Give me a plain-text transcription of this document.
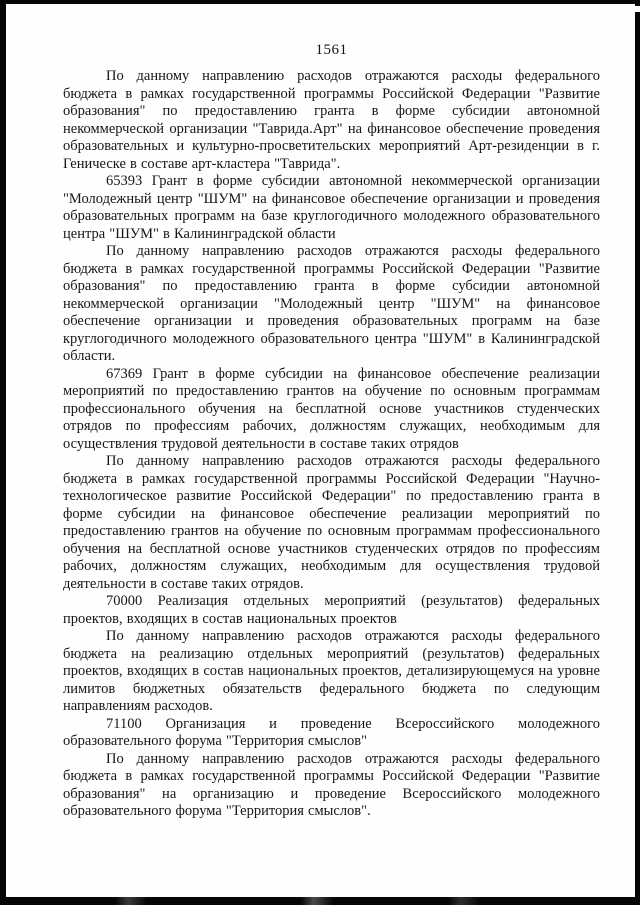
1561

По данному направлению расходов отражаются расходы федерального бюджета в рамках государственной программы Российской Федерации "Развитие образования" по предоставлению гранта в форме субсидии автономной некоммерческой организации "Таврида.Арт" на финансовое обеспечение проведения образовательных и культурно-просветительских мероприятий Арт-резиденции в г. Геническе в составе арт-кластера "Таврида".

65393 Грант в форме субсидии автономной некоммерческой организации "Молодежный центр "ШУМ" на финансовое обеспечение организации и проведения образовательных программ на базе круглогодичного молодежного образовательного центра "ШУМ" в Калининградской области

По данному направлению расходов отражаются расходы федерального бюджета в рамках государственной программы Российской Федерации "Развитие образования" по предоставлению гранта в форме субсидии автономной некоммерческой организации "Молодежный центр "ШУМ" на финансовое обеспечение организации и проведения образовательных программ на базе круглогодичного молодежного образовательного центра "ШУМ" в Калининградской области.

67369 Грант в форме субсидии на финансовое обеспечение реализации мероприятий по предоставлению грантов на обучение по основным программам профессионального обучения на бесплатной основе участников студенческих отрядов по профессиям рабочих, должностям служащих, необходимым для осуществления трудовой деятельности в составе таких отрядов

По данному направлению расходов отражаются расходы федерального бюджета в рамках государственной программы Российской Федерации "Научно-технологическое развитие Российской Федерации" по предоставлению гранта в форме субсидии на финансовое обеспечение реализации мероприятий по предоставлению грантов на обучение по основным программам профессионального обучения на бесплатной основе участников студенческих отрядов по профессиям рабочих, должностям служащих, необходимым для осуществления трудовой деятельности в составе таких отрядов.

70000 Реализация отдельных мероприятий (результатов) федеральных проектов, входящих в состав национальных проектов

По данному направлению расходов отражаются расходы федерального бюджета на реализацию отдельных мероприятий (результатов) федеральных проектов, входящих в состав национальных проектов, детализирующемуся на уровне лимитов бюджетных обязательств федерального бюджета по следующим направлениям расходов.

71100 Организация и проведение Всероссийского молодежного образовательного форума "Территория смыслов"

По данному направлению расходов отражаются расходы федерального бюджета в рамках государственной программы Российской Федерации "Развитие образования" на организацию и проведение Всероссийского молодежного образовательного форума "Территория смыслов".
